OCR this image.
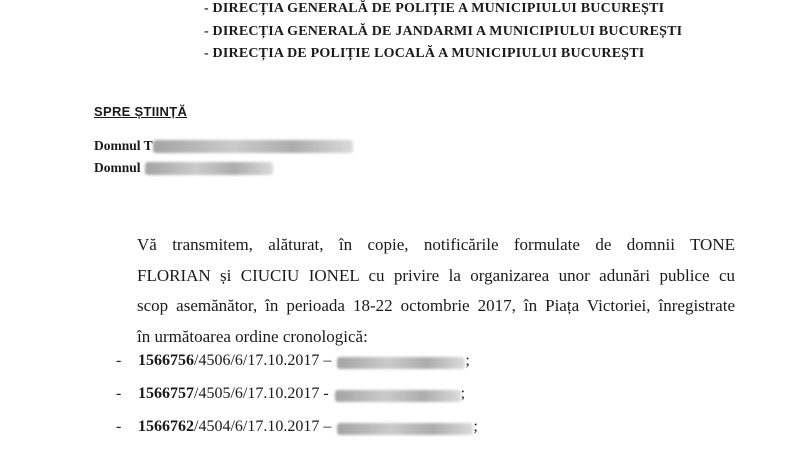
- DIRECȚIA GENERALĂ DE POLIȚIE A MUNICIPIULUI BUCUREȘTI
- DIRECȚIA GENERALĂ DE JANDARMI A MUNICIPIULUI BUCUREȘTI
- DIRECȚIA DE POLIȚIE LOCALĂ A MUNICIPIULUI BUCUREȘTI
SPRE ȘTIINȚĂ
Domnul T
Domnul
Vă transmitem, alăturat, în copie, notificările formulate de domnii TONE
FLORIAN și CIUCIU IONEL cu privire la organizarea unor adunări publice cu
scop asemănător, în perioada 18-22 octombrie 2017, în Piața Victoriei, înregistrate
în următoarea ordine cronologică:
-	1566756 /4506/6/17.10.2017 –	;
-	1566757 /4505/6/17.10.2017 -	;
-	1566762 /4504/6/17.10.2017 –	;
